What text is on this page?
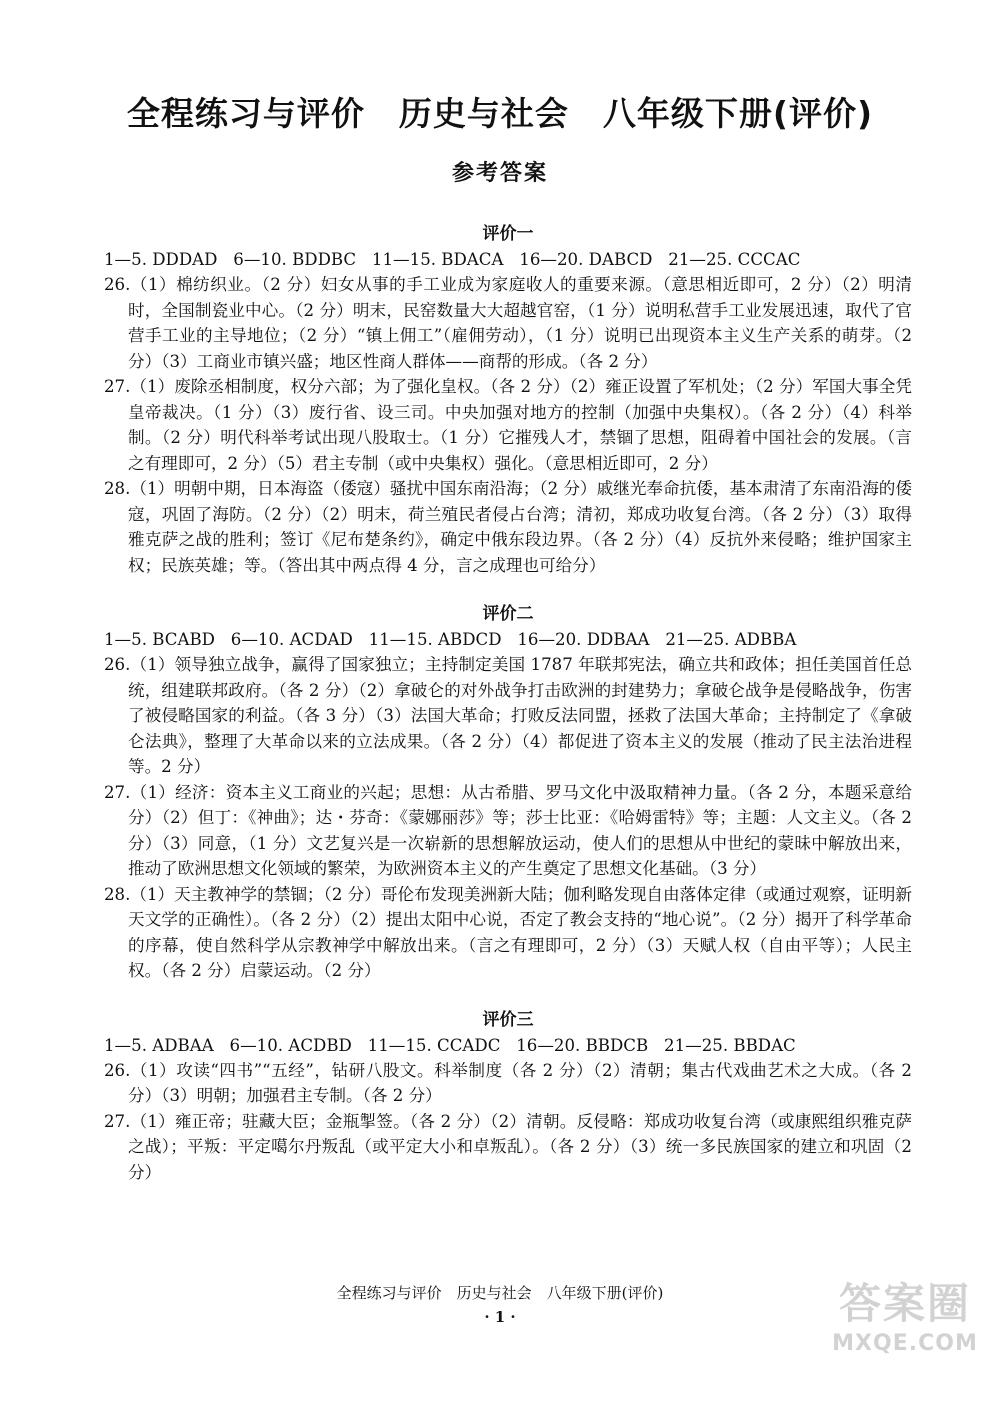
全程练习与评价　历史与社会　八年级下册(评价)
参考答案
评价一
1—5. DDDAD   6—10. BDDBC   11—15. BDACA   16—20. DABCD   21—25. CCCAC

26.（1）棉纺织业。（2 分）妇女从事的手工业成为家庭收人的重要来源。（意思相近即可，2 分）（2）明清时，全国制瓷业中心。（2 分）明末，民窑数量大大超越官窑，（1 分）说明私营手工业发展迅速，取代了官营手工业的主导地位；（2 分）“镇上佣工”（雇佣劳动），（1 分）说明已出现资本主义生产关系的萌芽。（2 分）（3）工商业市镇兴盛；地区性商人群体——商帮的形成。（各 2 分）

27.（1）废除丞相制度，权分六部；为了强化皇权。（各 2 分）（2）雍正设置了军机处；（2 分）军国大事全凭皇帝裁决。（1 分）（3）废行省、设三司。中央加强对地方的控制（加强中央集权）。（各 2 分）（4）科举制。（2 分）明代科举考试出现八股取士。（1 分）它摧残人才，禁锢了思想，阻碍着中国社会的发展。（言之有理即可，2 分）（5）君主专制（或中央集权）强化。（意思相近即可，2 分）

28.（1）明朝中期，日本海盗（倭寇）骚扰中国东南沿海；（2 分）戚继光奉命抗倭，基本肃清了东南沿海的倭寇，巩固了海防。（2 分）（2）明末，荷兰殖民者侵占台湾；清初，郑成功收复台湾。（各 2 分）（3）取得雅克萨之战的胜利；签订《尼布楚条约》，确定中俄东段边界。（各 2 分）（4）反抗外来侵略；维护国家主权；民族英雄；等。（答出其中两点得 4 分，言之成理也可给分）

评价二
1—5. BCABD   6—10. ACDAD   11—15. ABDCD   16—20. DDBAA   21—25. ADBBA

26.（1）领导独立战争，赢得了国家独立；主持制定美国 1787 年联邦宪法，确立共和政体；担任美国首任总统，组建联邦政府。（各 2 分）（2）拿破仑的对外战争打击欧洲的封建势力；拿破仑战争是侵略战争，伤害了被侵略国家的利益。（各 3 分）（3）法国大革命；打败反法同盟，拯救了法国大革命；主持制定了《拿破仑法典》，整理了大革命以来的立法成果。（各 2 分）（4）都促进了资本主义的发展（推动了民主法治进程等。2 分）

27.（1）经济：资本主义工商业的兴起；思想：从古希腊、罗马文化中汲取精神力量。（各 2 分，本题采意给分）（2）但丁：《神曲》；达・芬奇：《蒙娜丽莎》等；莎士比亚：《哈姆雷特》等；主题：人文主义。（各 2 分）（3）同意，（1 分）文艺复兴是一次崭新的思想解放运动，使人们的思想从中世纪的蒙昧中解放出来，推动了欧洲思想文化领域的繁荣，为欧洲资本主义的产生奠定了思想文化基础。（3 分）

28.（1）天主教神学的禁锢；（2 分）哥伦布发现美洲新大陆；伽利略发现自由落体定律（或通过观察，证明新天文学的正确性）。（各 2 分）（2）提出太阳中心说，否定了教会支持的“地心说”。（2 分）揭开了科学革命的序幕，使自然科学从宗教神学中解放出来。（言之有理即可，2 分）（3）天赋人权（自由平等）；人民主权。（各 2 分）启蒙运动。（2 分）

评价三
1—5. ADBAA   6—10. ACDBD   11—15. CCADC   16—20. BBDCB   21—25. BBDAC

26.（1）攻读“四书”“五经”，钻研八股文。科举制度（各 2 分）（2）清朝；集古代戏曲艺术之大成。（各 2 分）（3）明朝；加强君主专制。（各 2 分）

27.（1）雍正帝；驻藏大臣；金瓶掣签。（各 2 分）（2）清朝。反侵略：郑成功收复台湾（或康熙组织雅克萨之战）；平叛：平定噶尔丹叛乱（或平定大小和卓叛乱）。（各 2 分）（3）统一多民族国家的建立和巩固（2 分）

全程练习与评价　历史与社会　八年级下册(评价)
· 1 ·	答案圈
MXQE.COM
